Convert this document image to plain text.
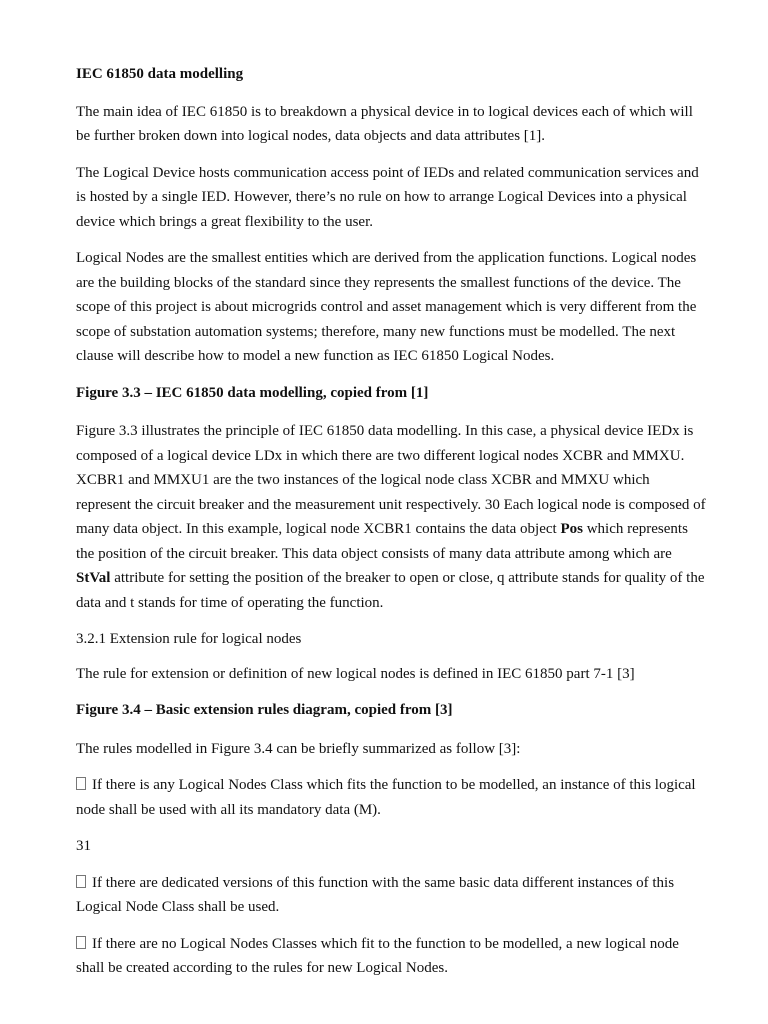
IEC 61850 data modelling

The main idea of IEC 61850 is to breakdown a physical device in to logical devices each of which will be further broken down into logical nodes, data objects and data attributes [1].

The Logical Device hosts communication access point of IEDs and related communication services and is hosted by a single IED. However, there’s no rule on how to arrange Logical Devices into a physical device which brings a great flexibility to the user.

Logical Nodes are the smallest entities which are derived from the application functions. Logical nodes are the building blocks of the standard since they represents the smallest functions of the device. The scope of this project is about microgrids control and asset management which is very different from the scope of substation automation systems; therefore, many new functions must be modelled. The next clause will describe how to model a new function as IEC 61850 Logical Nodes.

Figure 3.3 – IEC 61850 data modelling, copied from [1]

Figure 3.3 illustrates the principle of IEC 61850 data modelling. In this case, a physical device IEDx is composed of a logical device LDx in which there are two different logical nodes XCBR and MMXU. XCBR1 and MMXU1 are the two instances of the logical node class XCBR and MMXU which represent the circuit breaker and the measurement unit respectively. 30 Each logical node is composed of many data object. In this example, logical node XCBR1 contains the data object Pos which represents the position of the circuit breaker. This data object consists of many data attribute among which are StVal attribute for setting the position of the breaker to open or close, q attribute stands for quality of the data and t stands for time of operating the function.

3.2.1 Extension rule for logical nodes

The rule for extension or definition of new logical nodes is defined in IEC 61850 part 7-1 [3]

Figure 3.4 – Basic extension rules diagram, copied from [3]

The rules modelled in Figure 3.4 can be briefly summarized as follow [3]:

If there is any Logical Nodes Class which fits the function to be modelled, an instance of this logical node shall be used with all its mandatory data (M).

31

If there are dedicated versions of this function with the same basic data different instances of this Logical Node Class shall be used.

If there are no Logical Nodes Classes which fit to the function to be modelled, a new logical node shall be created according to the rules for new Logical Nodes.
